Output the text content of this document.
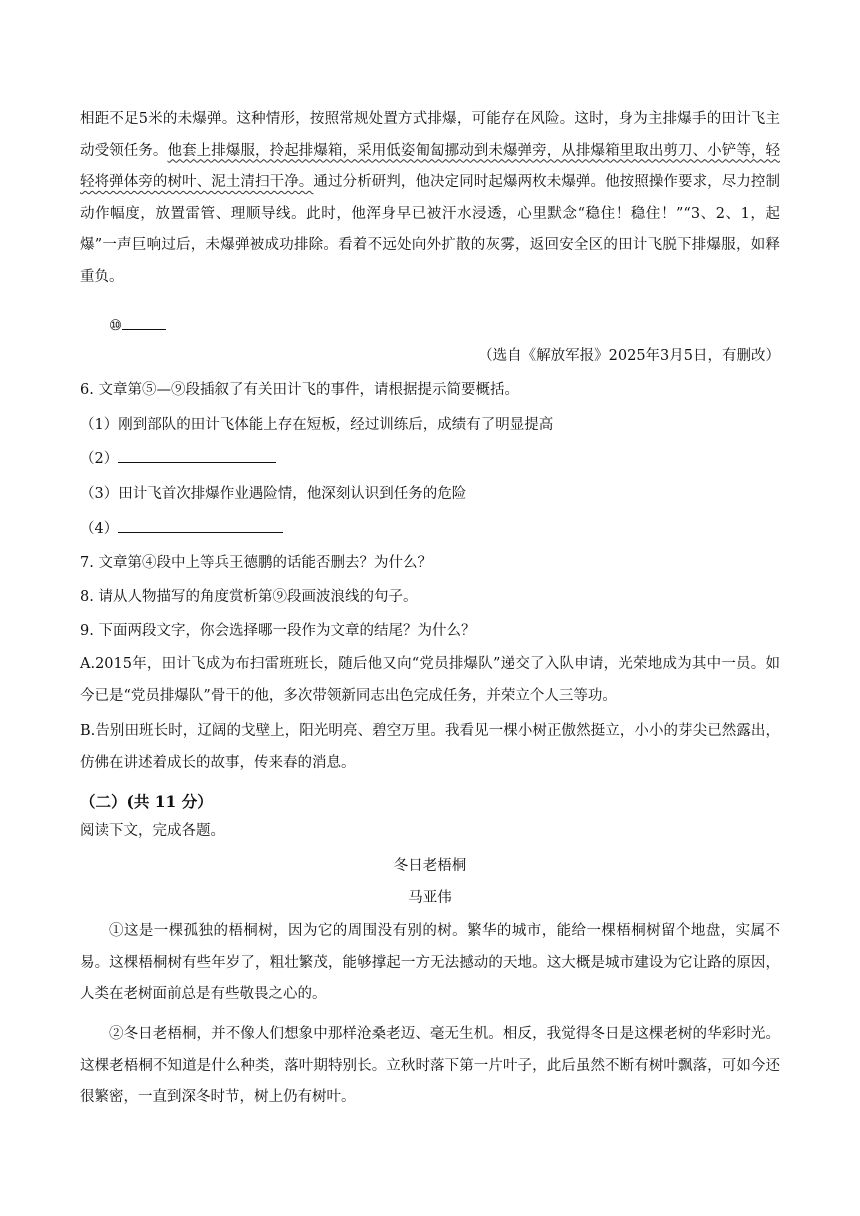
相距不足5米的未爆弹。这种情形，按照常规处置方式排爆，可能存在风险。这时，身为主排爆手的田计飞主动受领任务。他套上排爆服，拎起排爆箱，采用低姿匍匐挪动到未爆弹旁，从排爆箱里取出剪刀、小铲等，轻轻将弹体旁的树叶、泥土清扫干净。通过分析研判，他决定同时起爆两枚未爆弹。他按照操作要求，尽力控制动作幅度，放置雷管、理顺导线。此时，他浑身早已被汗水浸透，心里默念“稳住！稳住！”“3、2、1，起爆”一声巨响过后，未爆弹被成功排除。看着不远处向外扩散的灰雾，返回安全区的田计飞脱下排爆服，如释重负。
⑩
（选自《解放军报》2025年3月5日，有删改）
6. 文章第⑤—⑨段插叙了有关田计飞的事件，请根据提示简要概括。
（1）刚到部队的田计飞体能上存在短板，经过训练后，成绩有了明显提高
（2）
（3）田计飞首次排爆作业遇险情，他深刻认识到任务的危险
（4）
7. 文章第④段中上等兵王德鹏的话能否删去？为什么？
8. 请从人物描写的角度赏析第⑨段画波浪线的句子。
9. 下面两段文字，你会选择哪一段作为文章的结尾？为什么？
A.2015年，田计飞成为布扫雷班班长，随后他又向“党员排爆队”递交了入队申请，光荣地成为其中一员。如今已是“党员排爆队”骨干的他，多次带领新同志出色完成任务，并荣立个人三等功。
B.告别田班长时，辽阔的戈壁上，阳光明亮、碧空万里。我看见一棵小树正傲然挺立，小小的芽尖已然露出，仿佛在讲述着成长的故事，传来春的消息。
（二）(共 11 分）
阅读下文，完成各题。
冬日老梧桐
马亚伟
①这是一棵孤独的梧桐树，因为它的周围没有别的树。繁华的城市，能给一棵梧桐树留个地盘，实属不易。这棵梧桐树有些年岁了，粗壮繁茂，能够撑起一方无法撼动的天地。这大概是城市建设为它让路的原因，人类在老树面前总是有些敬畏之心的。
②冬日老梧桐，并不像人们想象中那样沧桑老迈、毫无生机。相反，我觉得冬日是这棵老树的华彩时光。这棵老梧桐不知道是什么种类，落叶期特别长。立秋时落下第一片叶子，此后虽然不断有树叶飘落，可如今还很繁密，一直到深冬时节，树上仍有树叶。
